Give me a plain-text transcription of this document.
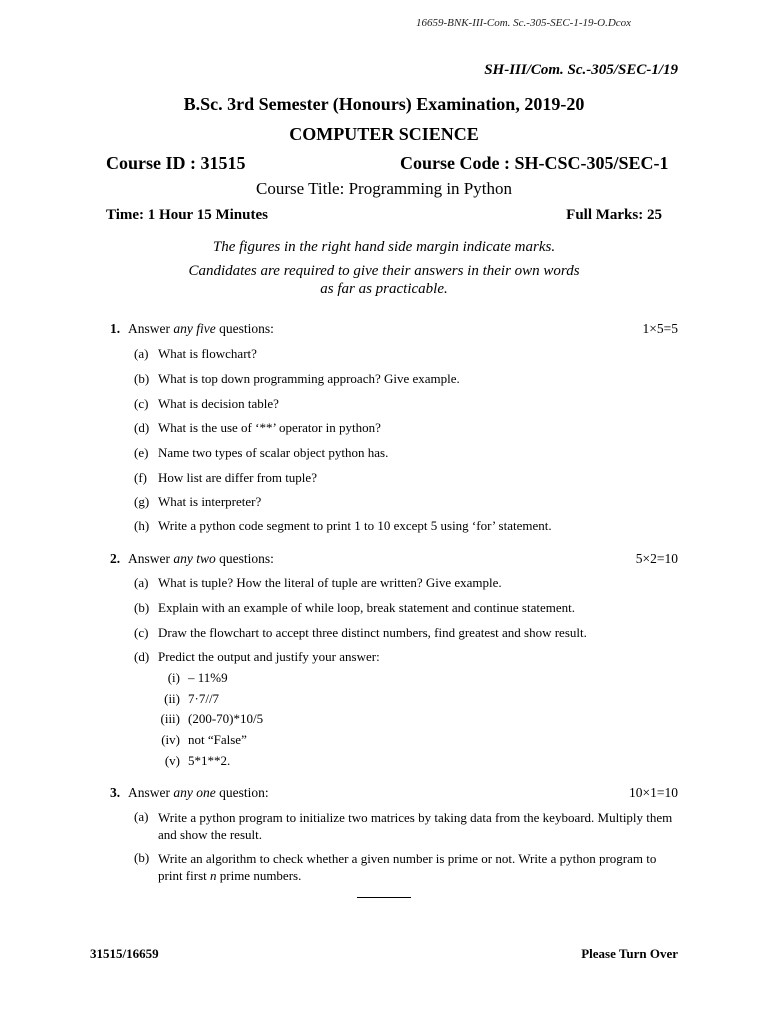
16659-BNK-III-Com. Sc.-305-SEC-1-19-O.Dcox
SH-III/Com. Sc.-305/SEC-1/19
B.Sc. 3rd Semester (Honours) Examination, 2019-20
COMPUTER SCIENCE
Course ID : 31515	Course Code : SH-CSC-305/SEC-1
Course Title: Programming in Python
Time: 1 Hour 15 Minutes	Full Marks: 25
The figures in the right hand side margin indicate marks.
Candidates are required to give their answers in their own words
as far as practicable.
1. Answer any five questions:	1×5=5
(a) What is flowchart?
(b) What is top down programming approach? Give example.
(c) What is decision table?
(d) What is the use of ‘**’ operator in python?
(e) Name two types of scalar object python has.
(f) How list are differ from tuple?
(g) What is interpreter?
(h) Write a python code segment to print 1 to 10 except 5 using ‘for’ statement.
2. Answer any two questions:	5×2=10
(a) What is tuple? How the literal of tuple are written? Give example.
(b) Explain with an example of while loop, break statement and continue statement.
(c) Draw the flowchart to accept three distinct numbers, find greatest and show result.
(d) Predict the output and justify your answer:
(i) – 11%9
(ii) 7·7//7
(iii) (200-70)*10/5
(iv) not “False”
(v) 5*1**2.
3. Answer any one question:	10×1=10
(a) Write a python program to initialize two matrices by taking data from the keyboard. Multiply them and show the result.
(b) Write an algorithm to check whether a given number is prime or not. Write a python program to print first n prime numbers.
31515/16659	Please Turn Over
